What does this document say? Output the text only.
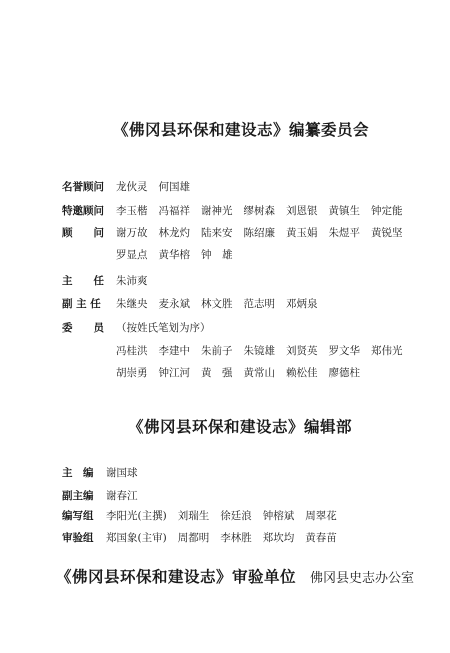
《佛冈县环保和建设志》编纂委员会
名誉顾问 龙伙灵 何国雄
特邀顾问 李玉楷 冯福祥 谢神光 缪树森 刘恩银 黄镇生 钟定能
顾　　问 谢万故 林龙灼 陆来安 陈绍廉 黄玉娟 朱煜平 黄锐坚
罗显点 黄华榕 钟　雄
主　　任 朱沛爽
副 主 任 朱继央 麦永斌 林文胜 范志明 邓炳泉
委　　员 （按姓氏笔划为序）
冯桂洪 李建中 朱前子 朱镜雄 刘贤英 罗文华 郑伟光
胡崇勇 钟江河 黄　强 黄常山 赖松佳 廖德柱
《佛冈县环保和建设志》编辑部
主　编 谢国球
副主编 谢春江
编写组 李阳光(主撰) 刘瑞生 徐廷浪 钟榕斌 周翠花
审验组 郑国象(主审) 周都明 李林胜 郑坎均 黄春苗
《佛冈县环保和建设志》审验单位 佛冈县史志办公室
